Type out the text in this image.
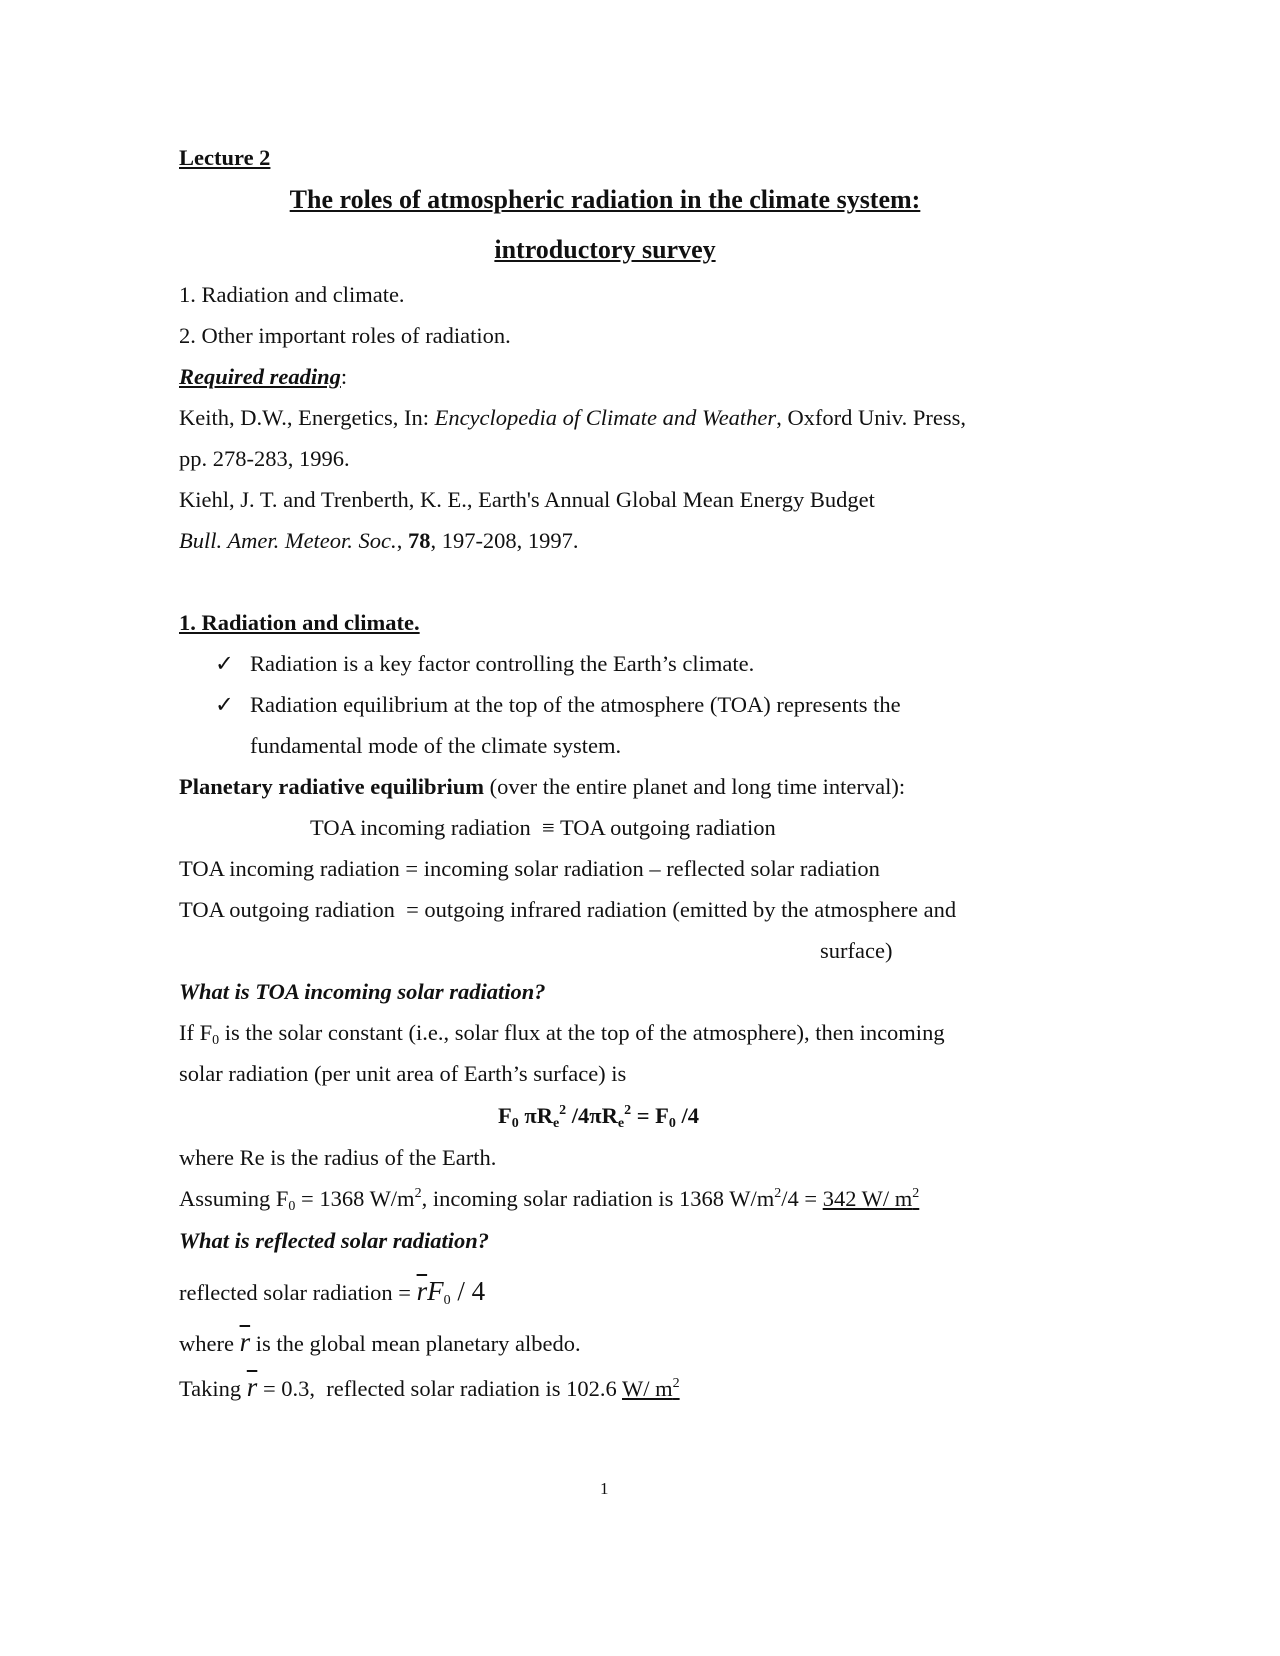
Lecture 2
The roles of atmospheric radiation in the climate system:
introductory survey
1. Radiation and climate.
2. Other important roles of radiation.
Required reading:
Keith, D.W., Energetics, In: Encyclopedia of Climate and Weather, Oxford Univ. Press,
pp. 278-283, 1996.
Kiehl, J. T. and Trenberth, K. E., Earth's Annual Global Mean Energy Budget
Bull. Amer. Meteor. Soc., 78, 197-208, 1997.
1. Radiation and climate.
Radiation is a key factor controlling the Earth’s climate.
✓
Radiation equilibrium at the top of the atmosphere (TOA) represents the
✓
fundamental mode of the climate system.
Planetary radiative equilibrium (over the entire planet and long time interval):
TOA incoming radiation  ≡ TOA outgoing radiation
TOA incoming radiation = incoming solar radiation – reflected solar radiation
TOA outgoing radiation  = outgoing infrared radiation (emitted by the atmosphere and
surface)
What is TOA incoming solar radiation?
If $F_0$ is the solar constant (i.e., solar flux at the top of the atmosphere), then incoming
solar radiation (per unit area of Earth’s surface) is
$F_0$ $\pi R_e^2$ $/4\pi R_e^2 = F_0$ /4
where Re is the radius of the Earth.
Assuming $F_0 = 1368$ $W/m^2$, incoming solar radiation is 1368 $W/m^2/4 = 342$ W/ $m^2$
What is reflected solar radiation?
reflected solar radiation = $\overline{r}F_0 / 4$
where $\overline{r}$ is the global mean planetary albedo.
Taking $\overline{r} = 0.3$,  reflected solar radiation is 102.6 W/ $m^2$
1
